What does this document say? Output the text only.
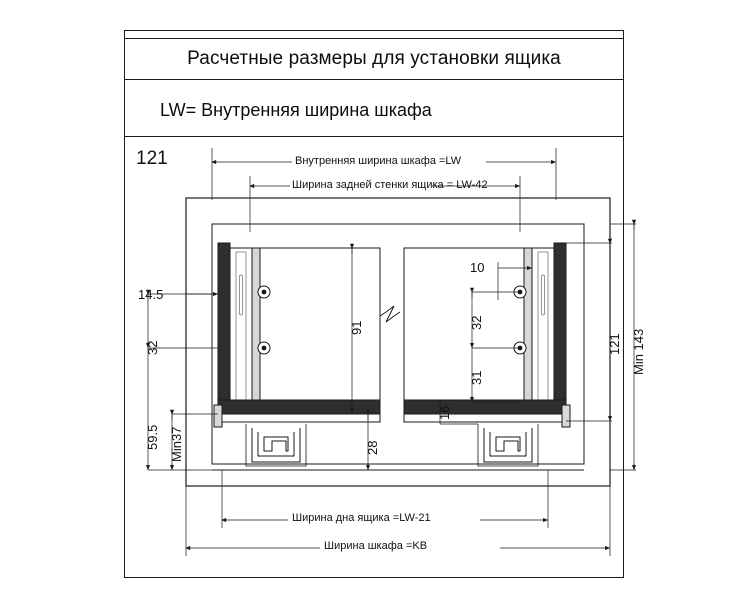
Расчетные размеры для установки ящика
LW= Внутренняя ширина шкафа
121	Внутренняя ширина шкафа =LW
Ширина задней стенки ящика = LW-42
Ширина дна ящика =LW-21
Ширина шкафа =KB
14.5
32
59.5 Min37
91
28
10
32
31
16
121 Min 143
